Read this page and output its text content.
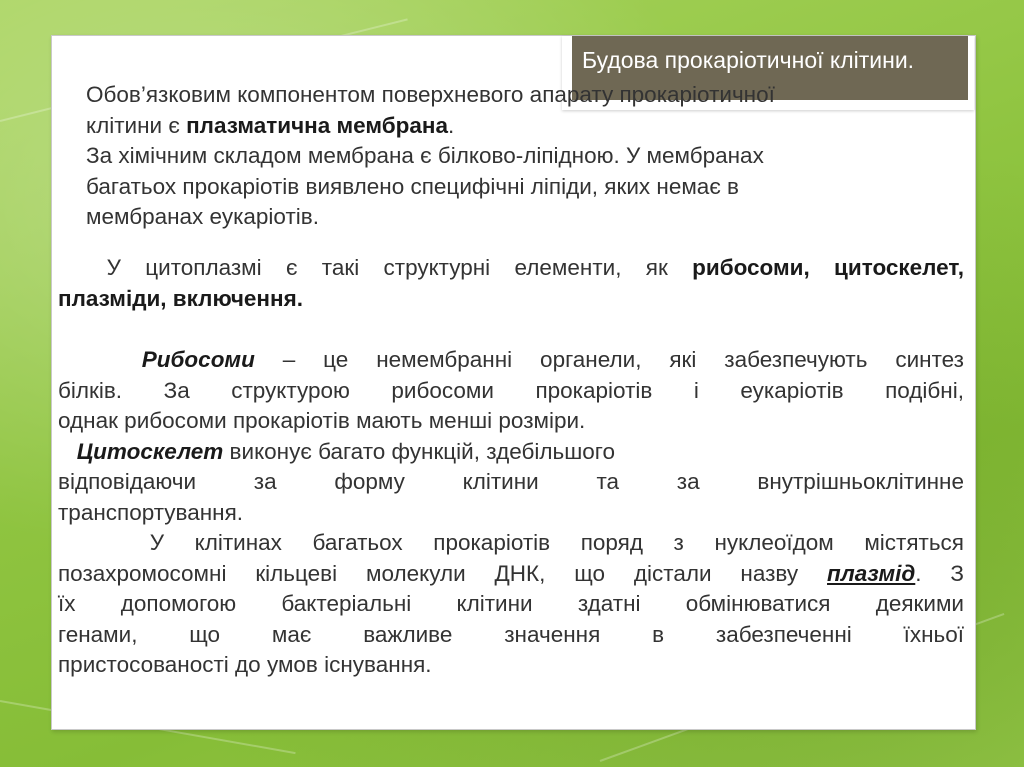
Будова прокаріотичної клітини.
Обов’язковим компонентом поверхневого апарату прокаріотичної
клітини є плазматична мембрана.
За хімічним складом мембрана є білково-ліпідною. У мембранах
багатьох прокаріотів виявлено специфічні ліпіди, яких немає в
мембранах еукаріотів.
У цитоплазмі є такі структурні елементи, як рибосоми, цитоскелет,
плазміди, включення.
Рибосоми – це немембранні органели, які забезпечують синтез
білків. За структурою рибосоми прокаріотів і еукаріотів подібні,
однак рибосоми прокаріотів мають менші розміри.
Цитоскелет виконує багато функцій, здебільшого
відповідаючи за форму клітини та за внутрішньоклітинне
транспортування.
У клітинах багатьох прокаріотів поряд з нуклеоїдом містяться
позахромосомні кільцеві молекули ДНК, що дістали назву плазмід. З
їх допомогою бактеріальні клітини здатні обмінюватися деякими
генами, що має важливе значення в забезпеченні їхньої
пристосованості до умов існування.
